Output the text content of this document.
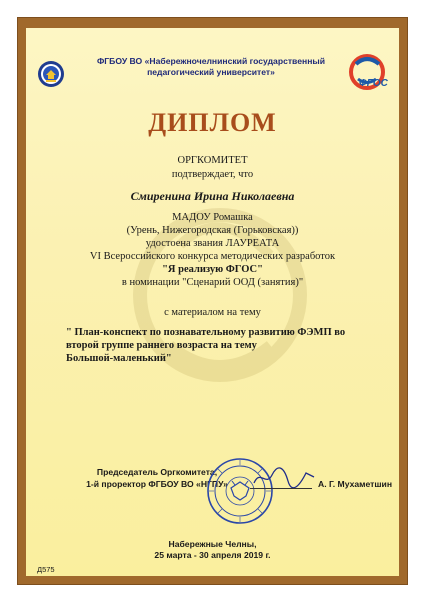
ФГБОУ ВО «Набережночелнинский государственный
педагогический университет»
ФГОС
ДИПЛОМ
ОРГКОМИТЕТ
подтверждает, что
Смиренина Ирина Николаевна
МАДОУ Ромашка
(Урень, Нижегородская (Горьковская))
удостоена звания ЛАУРЕАТА
VI Всероссийского конкурса методических разработок
"Я реализую ФГОС"
в номинации "Сценарий ООД (занятия)"
с материалом на тему
" План-конспект по познавательному развитию ФЭМП во
второй группе раннего возраста на тему
Большой-маленький"
Председатель Оргкомитета,
1-й проректор ФГБОУ ВО «НГПУ»	А. Г. Мухаметшин
Набережные Челны,
25 марта - 30 апреля 2019 г.
Д575
